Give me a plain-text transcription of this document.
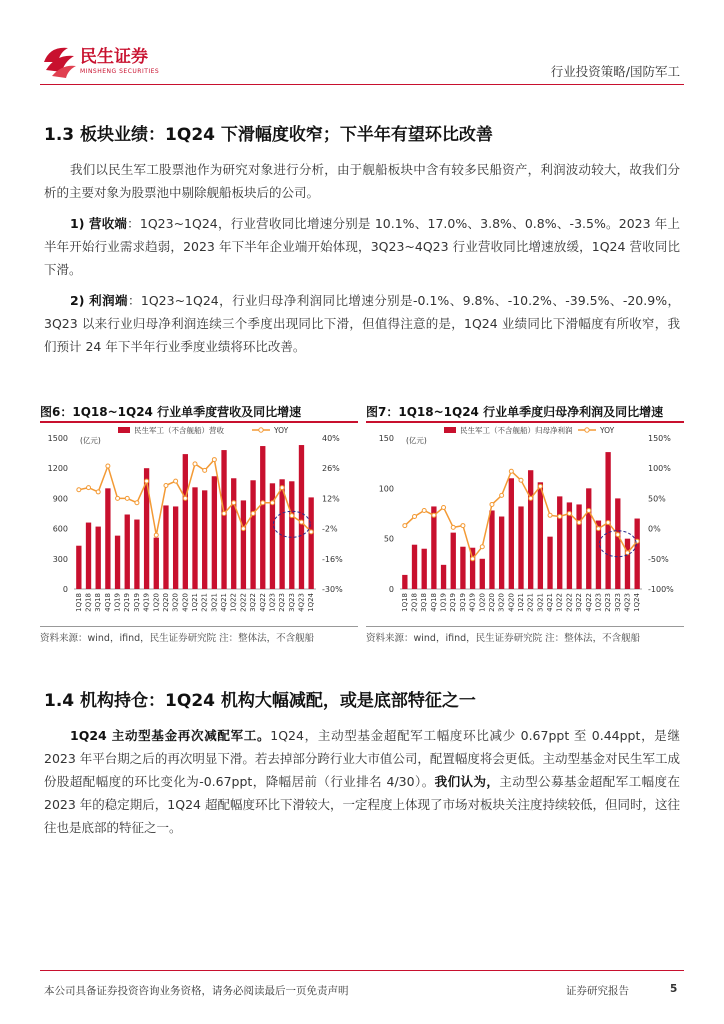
民生证券
MINSHENG SECURITIES	行业投资策略/国防军工
1.3 板块业绩：1Q24 下滑幅度收窄；下半年有望环比改善

我们以民生军工股票池作为研究对象进行分析，由于舰船板块中含有较多民船资产，利润波动较大，故我们分析的主要对象为股票池中剔除舰船板块后的公司。

1) 营收端：1Q23~1Q24，行业营收同比增速分别是 10.1%、17.0%、3.8%、0.8%、-3.5%。2023 年上半年开始行业需求趋弱，2023 年下半年企业端开始体现，3Q23~4Q23 行业营收同比增速放缓，1Q24 营收同比下滑。

2) 利润端：1Q23~1Q24，行业归母净利润同比增速分别是-0.1%、9.8%、-10.2%、-39.5%、-20.9%，3Q23 以来行业归母净利润连续三个季度出现同比下滑，但值得注意的是，1Q24 业绩同比下滑幅度有所收窄，我们预计 24 年下半年行业季度业绩将环比改善。

图6：1Q18~1Q24 行业单季度营收及同比增速
0
300
600
900
1200
1500
-30%
-16%
-2%
12%
26%
40%
(亿元)
民生军工（不含舰船）营收	YOY
1Q18 2Q18 3Q18 4Q18 1Q19 2Q19 3Q19 4Q19 1Q20 2Q20 3Q20 4Q20 1Q21 2Q21 3Q21 4Q21 1Q22 2Q22 3Q22 4Q22 1Q23 2Q23 3Q23 4Q23 1Q24
资料来源：wind，ifind，民生证券研究院 注：整体法，不含舰船
图7：1Q18~1Q24 行业单季度归母净利润及同比增速
0
50
100
150
-100%
-50%
0%
50%
100%
150%
(亿元)
民生军工（不含舰船）归母净利润	YOY
1Q18 2Q18 3Q18 4Q18 1Q19 2Q19 3Q19 4Q19 1Q20 2Q20 3Q20 4Q20 1Q21 2Q21 3Q21 4Q21 1Q22 2Q22 3Q22 4Q22 1Q23 2Q23 3Q23 4Q23 1Q24
资料来源：wind，ifind，民生证券研究院 注：整体法，不含舰船
1.4 机构持仓：1Q24 机构大幅减配，或是底部特征之一

1Q24 主动型基金再次减配军工。1Q24，主动型基金超配军工幅度环比减少 0.67ppt 至 0.44ppt，是继 2023 年平台期之后的再次明显下滑。若去掉部分跨行业大市值公司，配置幅度将会更低。主动型基金对民生军工成份股超配幅度的环比变化为-0.67ppt，降幅居前（行业排名 4/30）。我们认为，主动型公募基金超配军工幅度在 2023 年的稳定期后，1Q24 超配幅度环比下滑较大，一定程度上体现了市场对板块关注度持续较低，但同时，这往往也是底部的特征之一。

本公司具备证券投资咨询业务资格，请务必阅读最后一页免责声明	证券研究报告	5
